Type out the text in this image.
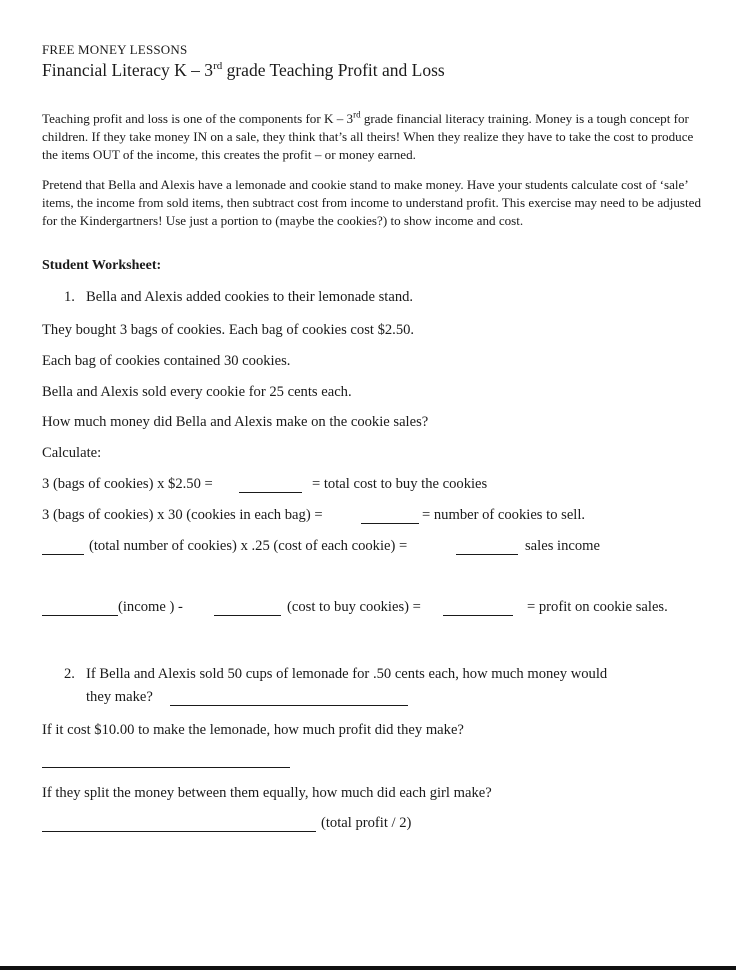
FREE MONEY LESSONS
Financial Literacy K – 3rd grade Teaching Profit and Loss
Teaching profit and loss is one of the components for K – 3rd grade financial literacy training. Money is a tough concept for children. If they take money IN on a sale, they think that’s all theirs! When they realize they have to take the cost to produce the items OUT of the income, this creates the profit – or money earned.
Pretend that Bella and Alexis have a lemonade and cookie stand to make money. Have your students calculate cost of ‘sale’ items, the income from sold items, then subtract cost from income to understand profit. This exercise may need to be adjusted for the Kindergartners! Use just a portion to (maybe the cookies?) to show income and cost.
Student Worksheet:
1. Bella and Alexis added cookies to their lemonade stand.
They bought 3 bags of cookies. Each bag of cookies cost $2.50.
Each bag of cookies contained 30 cookies.
Bella and Alexis sold every cookie for 25 cents each.
How much money did Bella and Alexis make on the cookie sales?
Calculate:
3 (bags of cookies) x $2.50 =	= total cost to buy the cookies
3 (bags of cookies) x 30 (cookies in each bag) =	= number of cookies to sell.
(total number of cookies) x .25 (cost of each cookie) =	sales income
(income ) -	(cost to buy cookies) =	= profit on cookie sales.
2. If Bella and Alexis sold 50 cups of lemonade for .50 cents each, how much money would
they make?
If it cost $10.00 to make the lemonade, how much profit did they make?
If they split the money between them equally, how much did each girl make?
(total profit / 2)
